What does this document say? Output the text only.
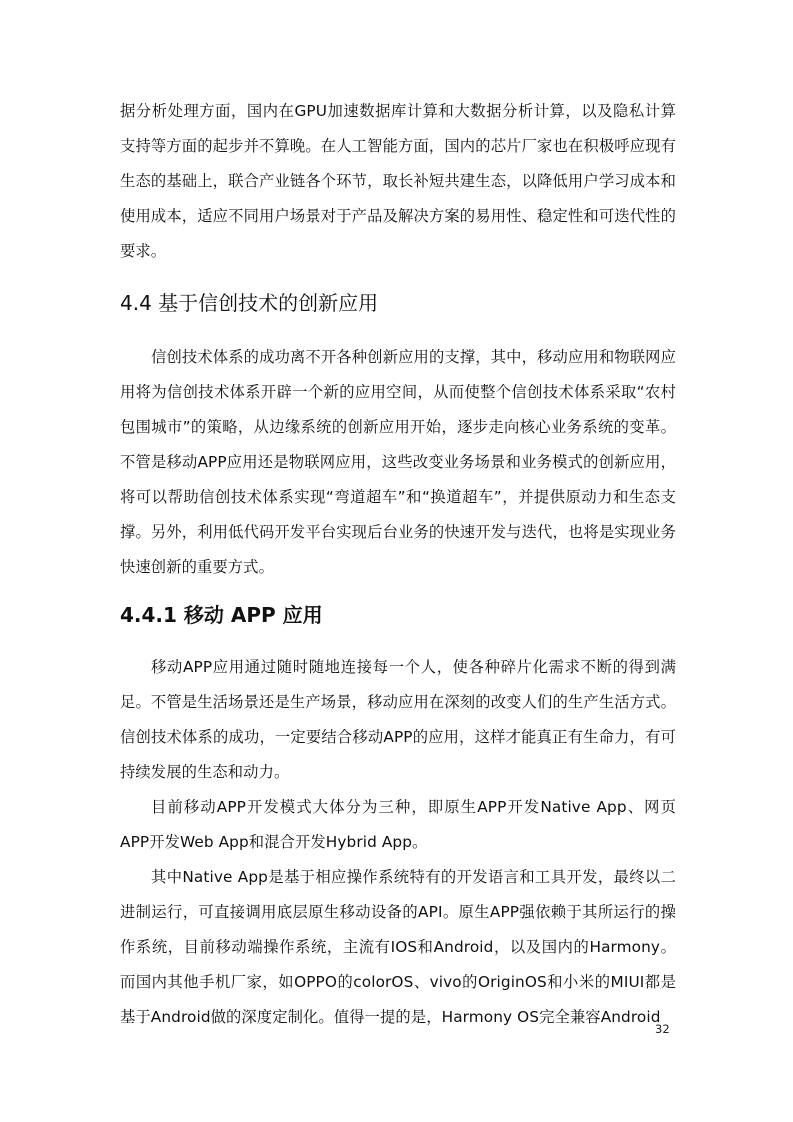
据分析处理方面，国内在GPU加速数据库计算和大数据分析计算，以及隐私计算支持等方面的起步并不算晚。在人工智能方面，国内的芯片厂家也在积极呼应现有生态的基础上，联合产业链各个环节，取长补短共建生态，以降低用户学习成本和使用成本，适应不同用户场景对于产品及解决方案的易用性、稳定性和可迭代性的要求。

4.4 基于信创技术的创新应用

信创技术体系的成功离不开各种创新应用的支撑，其中，移动应用和物联网应用将为信创技术体系开辟一个新的应用空间，从而使整个信创技术体系采取“农村包围城市”的策略，从边缘系统的创新应用开始，逐步走向核心业务系统的变革。不管是移动APP应用还是物联网应用，这些改变业务场景和业务模式的创新应用，将可以帮助信创技术体系实现“弯道超车”和“换道超车”，并提供原动力和生态支撑。另外，利用低代码开发平台实现后台业务的快速开发与迭代，也将是实现业务快速创新的重要方式。

4.4.1 移动 APP 应用

移动APP应用通过随时随地连接每一个人，使各种碎片化需求不断的得到满足。不管是生活场景还是生产场景，移动应用在深刻的改变人们的生产生活方式。信创技术体系的成功，一定要结合移动APP的应用，这样才能真正有生命力，有可持续发展的生态和动力。

目前移动APP开发模式大体分为三种，即原生APP开发Native App、网页APP开发Web App和混合开发Hybrid App。

其中Native App是基于相应操作系统特有的开发语言和工具开发，最终以二进制运行，可直接调用底层原生移动设备的API。原生APP强依赖于其所运行的操作系统，目前移动端操作系统，主流有IOS和Android，以及国内的Harmony。而国内其他手机厂家，如OPPO的colorOS、vivo的OriginOS和小米的MIUI都是基于Android做的深度定制化。值得一提的是，Harmony OS完全兼容Android

32
